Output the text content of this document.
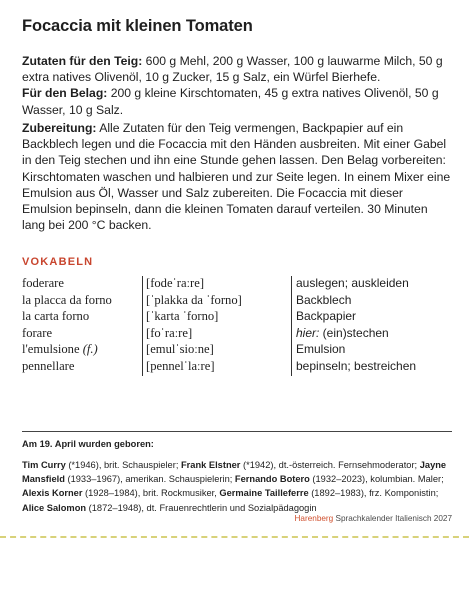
Focaccia mit kleinen Tomaten
Zutaten für den Teig: 600 g Mehl, 200 g Wasser, 100 g lauwarme Milch, 50 g extra natives Olivenöl, 10 g Zucker, 15 g Salz, ein Würfel Bierhefe.
Für den Belag: 200 g kleine Kirschtomaten, 45 g extra natives Olivenöl, 50 g Wasser, 10 g Salz.
Zubereitung: Alle Zutaten für den Teig vermengen, Backpapier auf ein Backblech legen und die Focaccia mit den Händen ausbreiten. Mit einer Gabel in den Teig stechen und ihn eine Stunde gehen lassen. Den Belag vorbereiten: Kirschtomaten waschen und halbieren und zur Seite legen. In einem Mixer eine Emulsion aus Öl, Wasser und Salz zubereiten. Die Focaccia mit dieser Emulsion bepinseln, dann die kleinen Tomaten darauf verteilen. 30 Minuten lang bei 200 °C backen.
VOKABELN
foderare	[fodeˈraːre]	auslegen; auskleiden
la placca da forno	[ˈplakka da ˈforno]	Backblech
la carta forno	[ˈkarta ˈforno]	Backpapier
forare	[foˈraːre]	hier: (ein)stechen
l'emulsione (f.)	[emulˈsioːne]	Emulsion
pennellare	[pennelˈlaːre]	bepinseln; bestreichen
Am 19. April wurden geboren:
Tim Curry (*1946), brit. Schauspieler; Frank Elstner (*1942), dt.-österreich. Fernsehmoderator; Jayne Mansfield (1933–1967), amerikan. Schauspielerin; Fernando Botero (1932–2023), kolumbian. Maler; Alexis Korner (1928–1984), brit. Rockmusiker, Germaine Tailleferre (1892–1983), frz. Komponistin; Alice Salomon (1872–1948), dt. Frauenrechtlerin und Sozialpädagogin
Harenberg Sprachkalender Italienisch 2027
